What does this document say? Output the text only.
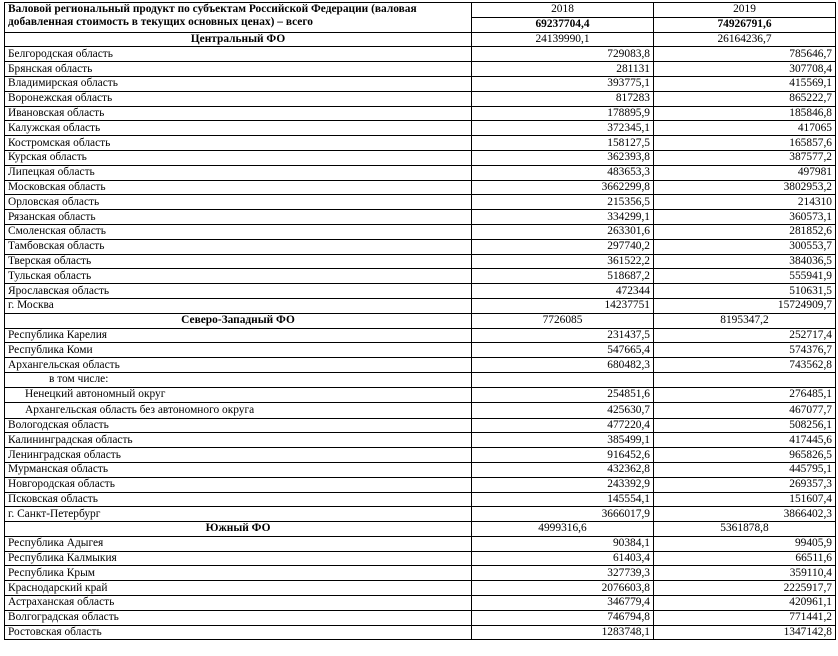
Валовой региональный продукт по субъектам Российской Федерации (валовая добавленная стоимость в текущих основных ценах) – всего	2018	2019
	69237704,4	74926791,6
Центральный ФО	24139990,1	26164236,7
Белгородская область	729083,8	785646,7
Брянская область	281131	307708,4
Владимирская область	393775,1	415569,1
Воронежская область	817283	865222,7
Ивановская область	178895,9	185846,8
Калужская область	372345,1	417065
Костромская область	158127,5	165857,6
Курская область	362393,8	387577,2
Липецкая область	483653,3	497981
Московская область	3662299,8	3802953,2
Орловская область	215356,5	214310
Рязанская область	334299,1	360573,1
Смоленская область	263301,6	281852,6
Тамбовская область	297740,2	300553,7
Тверская область	361522,2	384036,5
Тульская область	518687,2	555941,9
Ярославская область	472344	510631,5
г. Москва	14237751	15724909,7
Северо-Западный ФО	7726085	8195347,2
Республика Карелия	231437,5	252717,4
Республика Коми	547665,4	574376,7
Архангельская область	680482,3	743562,8
в том числе:		
Ненецкий автономный округ	254851,6	276485,1
Архангельская область без автономного округа	425630,7	467077,7
Вологодская область	477220,4	508256,1
Калининградская область	385499,1	417445,6
Ленинградская область	916452,6	965826,5
Мурманская область	432362,8	445795,1
Новгородская область	243392,9	269357,3
Псковская область	145554,1	151607,4
г. Санкт-Петербург	3666017,9	3866402,3
Южный ФО	4999316,6	5361878,8
Республика Адыгея	90384,1	99405,9
Республика Калмыкия	61403,4	66511,6
Республика Крым	327739,3	359110,4
Краснодарский край	2076603,8	2225917,7
Астраханская область	346779,4	420961,1
Волгоградская область	746794,8	771441,2
Ростовская область	1283748,1	1347142,8
